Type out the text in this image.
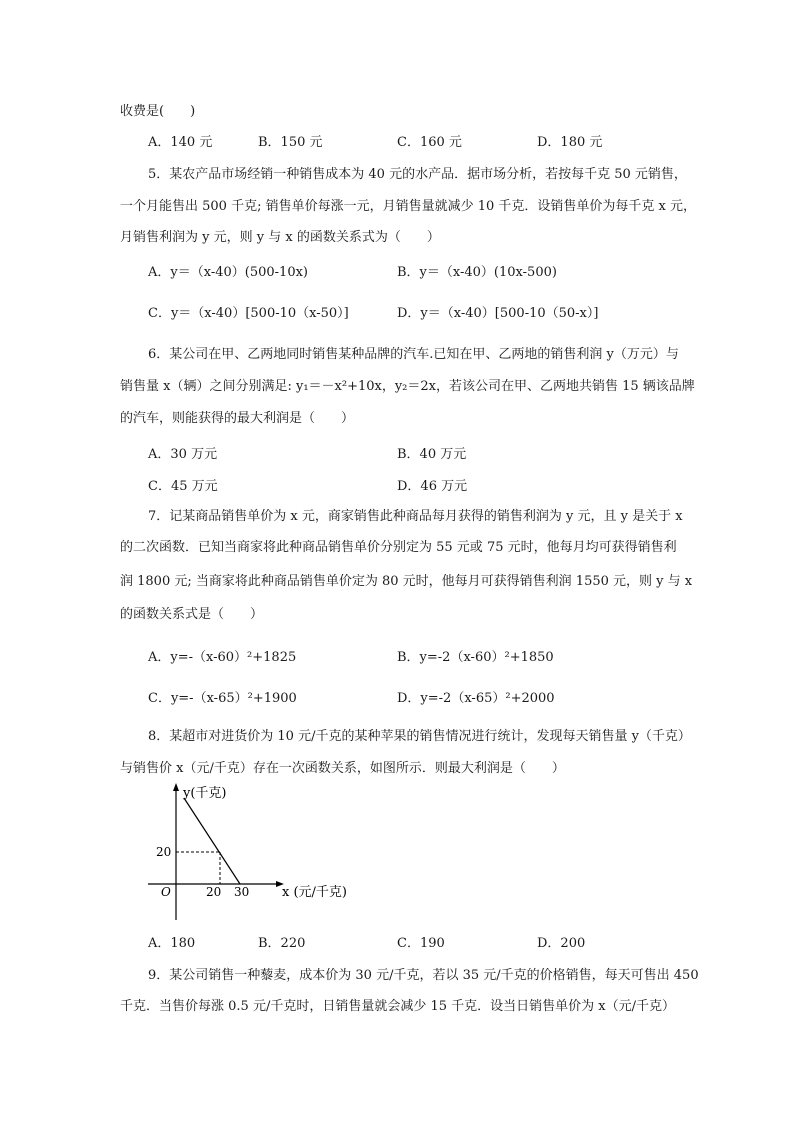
收费是(　　)
A．140 元	B．150 元	C．160 元	D．180 元
5．某农产品市场经销一种销售成本为 40 元的水产品．据市场分析，若按每千克 50 元销售，
一个月能售出 500 千克; 销售单价每涨一元，月销售量就减少 10 千克．设销售单价为每千克 x 元，
月销售利润为 y 元，则 y 与 x 的函数关系式为（　　）
A．y＝（x-40）(500-10x)	B．y＝（x-40）(10x-500)
C．y＝（x-40）[500-10（x-50）]	D．y＝（x-40）[500-10（50-x）]
6．某公司在甲、乙两地同时销售某种品牌的汽车.已知在甲、乙两地的销售利润 y（万元）与
销售量 x（辆）之间分别满足: y₁＝－x²+10x，y₂＝2x，若该公司在甲、乙两地共销售 15 辆该品牌
的汽车，则能获得的最大利润是（　　）
A．30 万元	B．40 万元
C．45 万元	D．46 万元
7．记某商品销售单价为 x 元，商家销售此种商品每月获得的销售利润为 y 元，且 y 是关于 x
的二次函数．已知当商家将此种商品销售单价分别定为 55 元或 75 元时，他每月均可获得销售利
润 1800 元; 当商家将此种商品销售单价定为 80 元时，他每月可获得销售利润 1550 元，则 y 与 x
的函数关系式是（　　）
A．y=-（x-60）²+1825	B．y=-2（x-60）²+1850
C．y=-（x-65）²+1900	D．y=-2（x-65）²+2000
8．某超市对进货价为 10 元/千克的某种苹果的销售情况进行统计，发现每天销售量 y（千克）
与销售价 x（元/千克）存在一次函数关系，如图所示．则最大利润是（　　）
y(千克)
20
O	20 30	x (元/千克)
A．180	B．220	C．190	D．200
9．某公司销售一种藜麦，成本价为 30 元/千克，若以 35 元/千克的价格销售，每天可售出 450
千克．当售价每涨 0.5 元/千克时，日销售量就会减少 15 千克．设当日销售单价为 x（元/千克）
